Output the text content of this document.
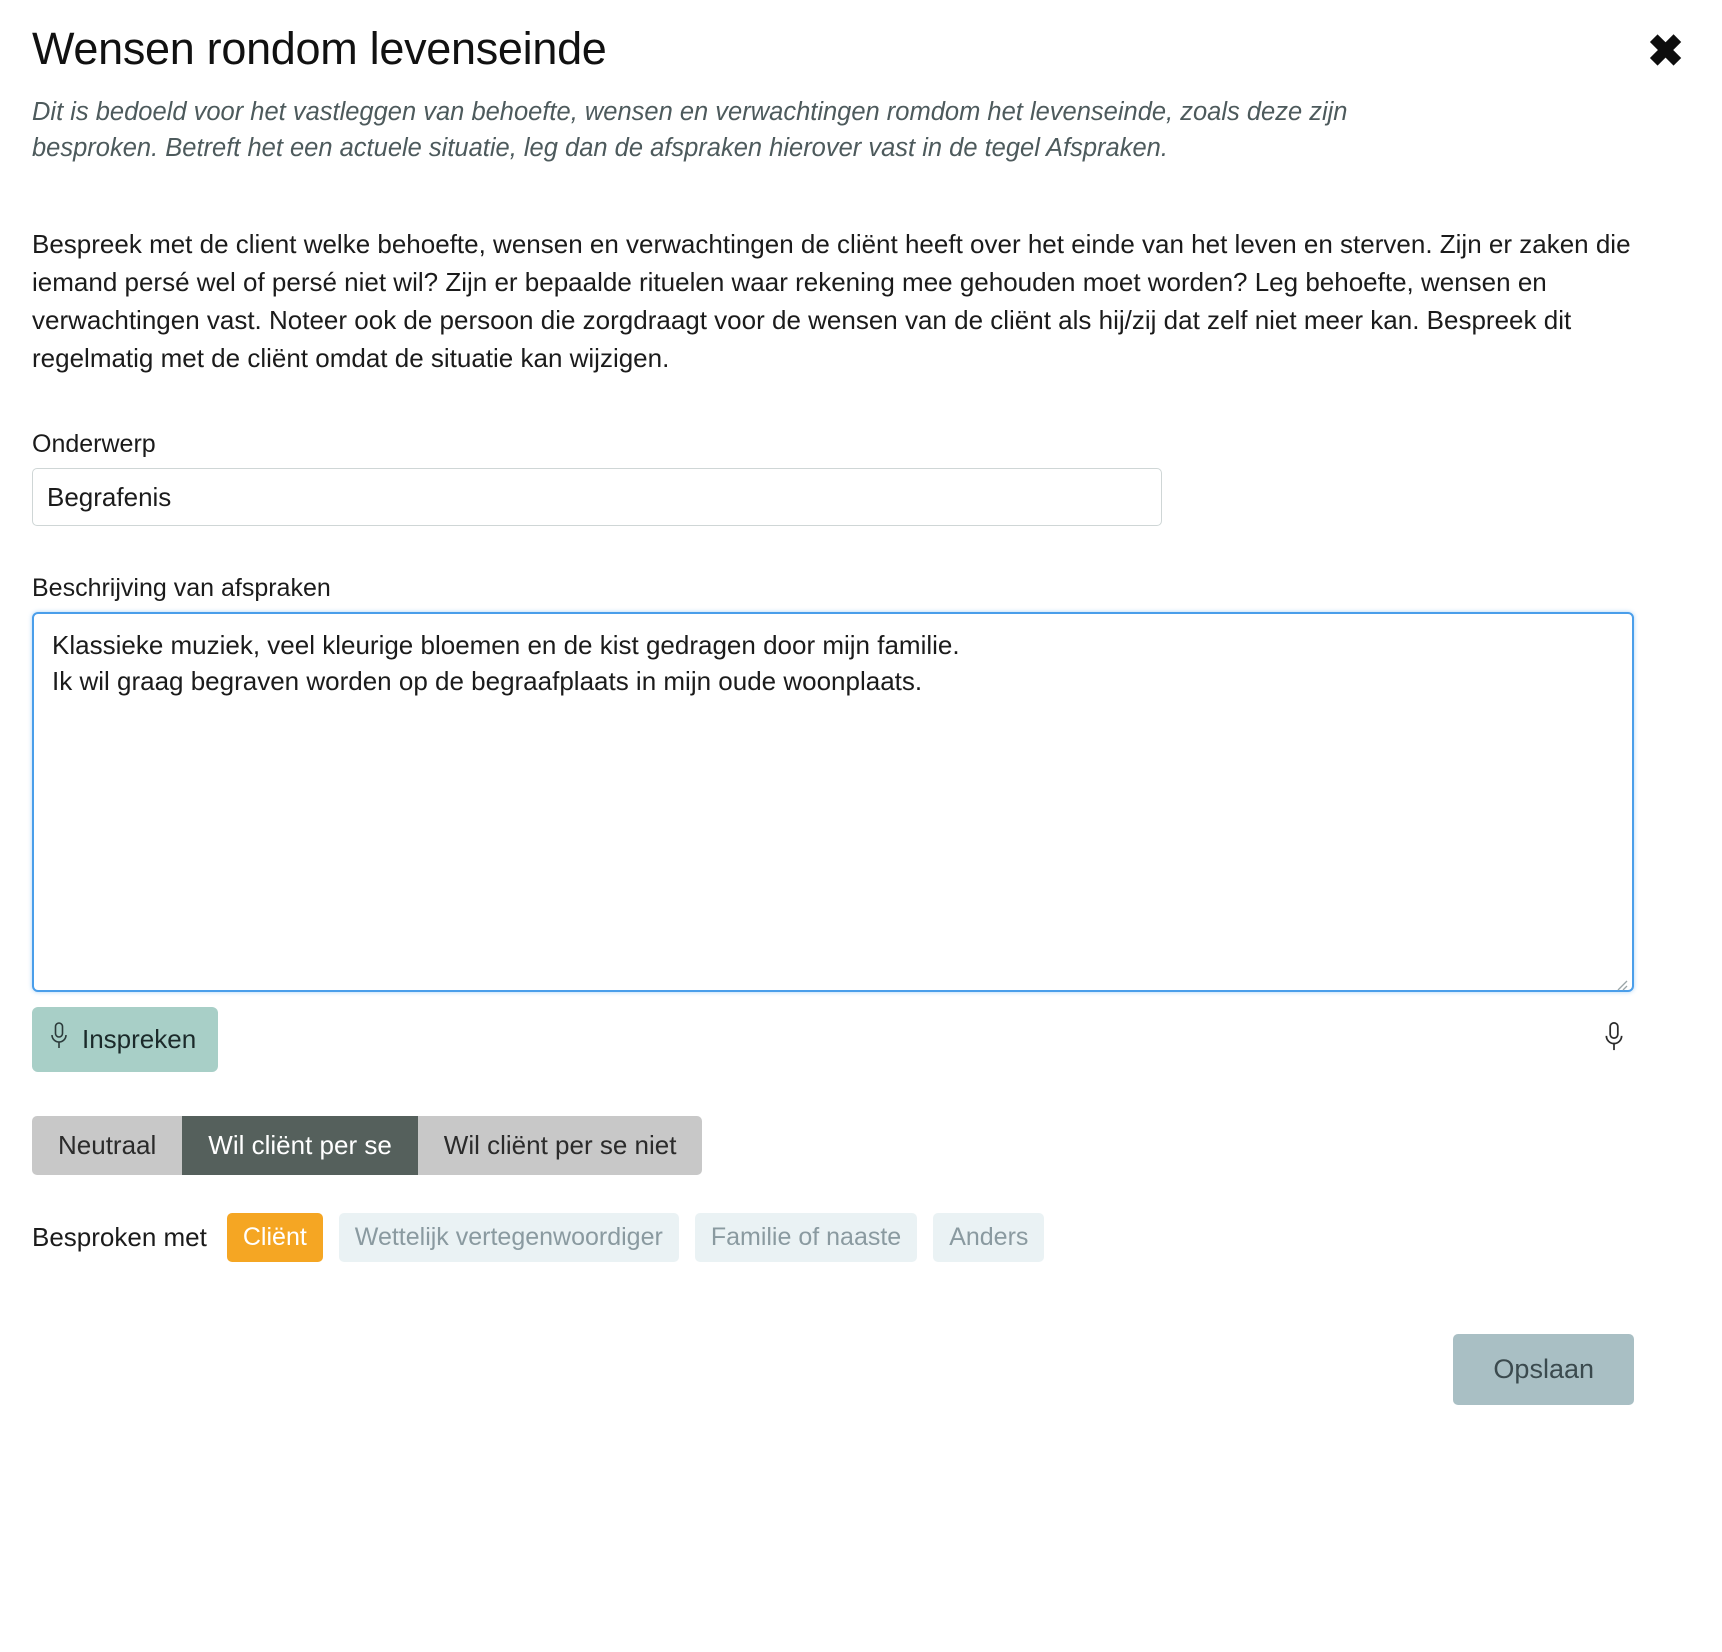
Wensen rondom levenseinde	✖

Dit is bedoeld voor het vastleggen van behoefte, wensen en verwachtingen romdom het levenseinde, zoals deze zijn besproken. Betreft het een actuele situatie, leg dan de afspraken hierover vast in de tegel Afspraken.

Bespreek met de client welke behoefte, wensen en verwachtingen de cliënt heeft over het einde van het leven en sterven. Zijn er zaken die iemand persé wel of persé niet wil? Zijn er bepaalde rituelen waar rekening mee gehouden moet worden? Leg behoefte, wensen en verwachtingen vast. Noteer ook de persoon die zorgdraagt voor de wensen van de cliënt als hij/zij dat zelf niet meer kan. Bespreek dit regelmatig met de cliënt omdat de situatie kan wijzigen.

Onderwerp
Begrafenis
Beschrijving van afspraken
Klassieke muziek, veel kleurige bloemen en de kist gedragen door mijn familie. Ik wil graag begraven worden op de begraafplaats in mijn oude woonplaats.
Inspreken
Neutraal	Wil cliënt per se	Wil cliënt per se niet
Besproken met	Cliënt	Wettelijk vertegenwoordiger	Familie of naaste	Anders
Opslaan
